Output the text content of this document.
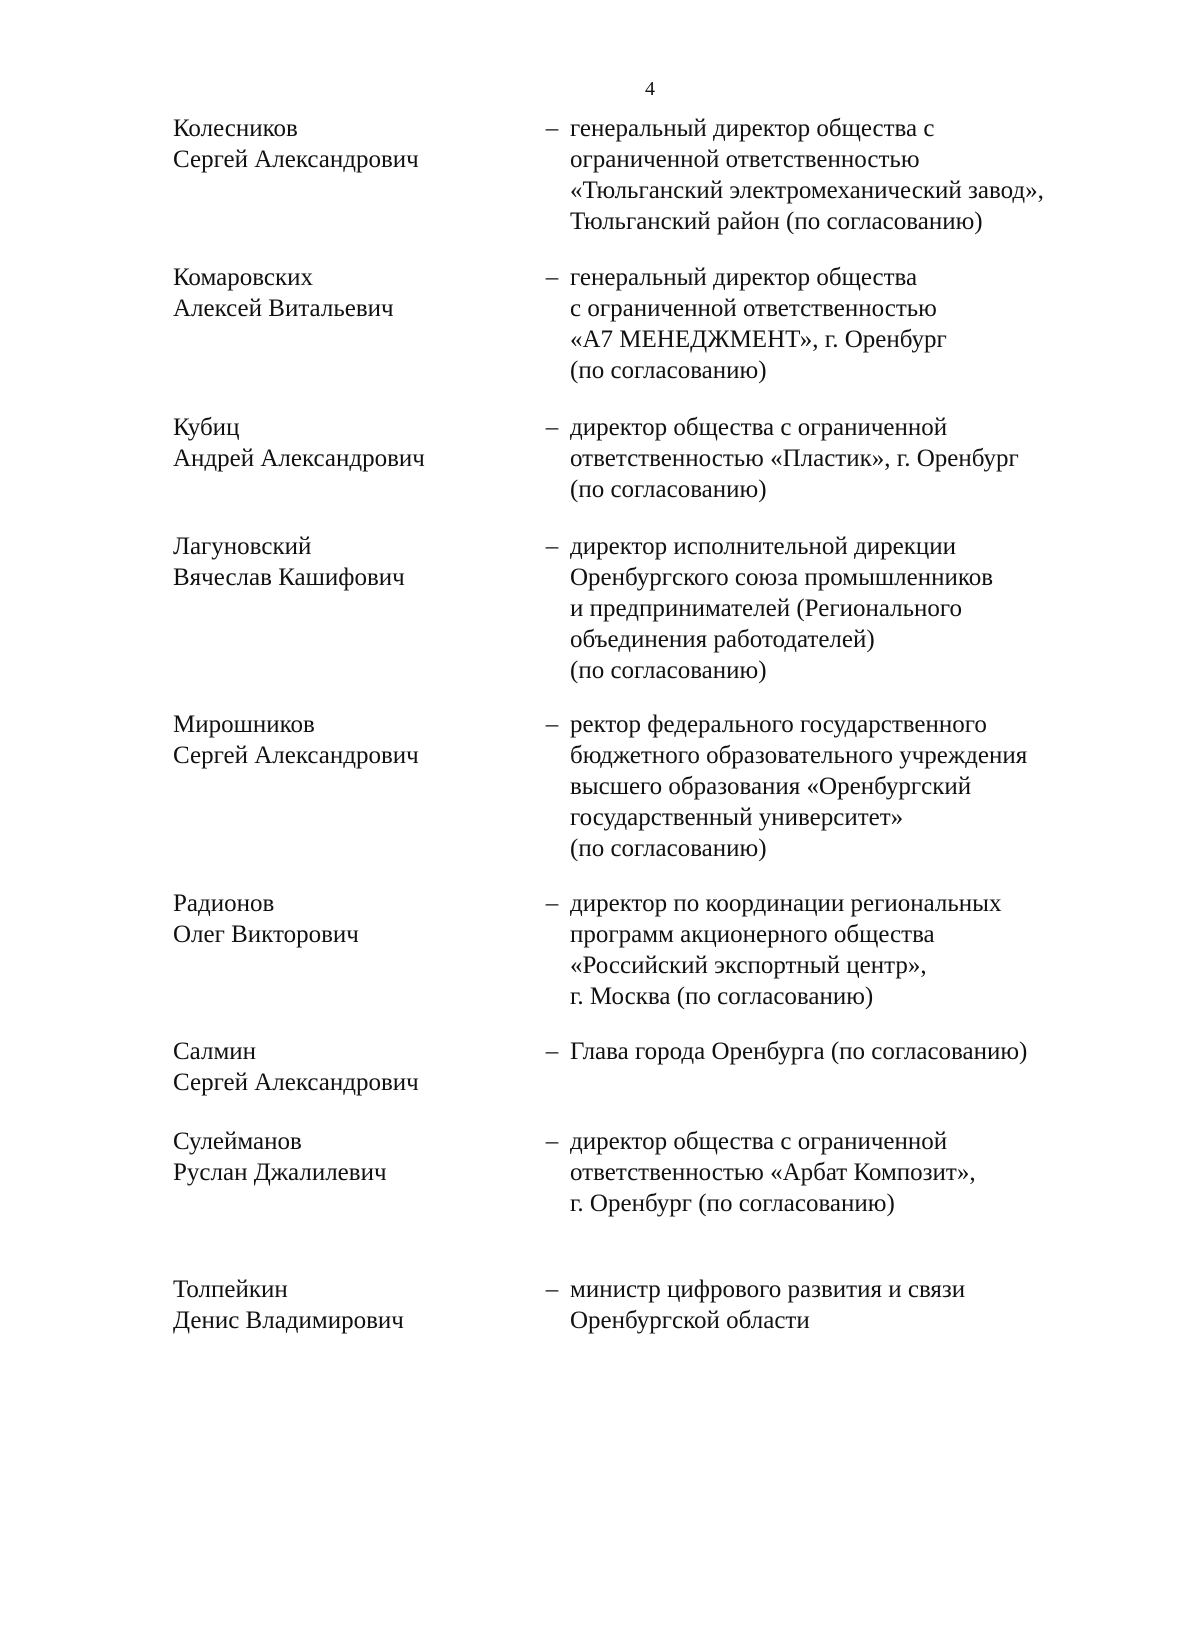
4
Колесников
Сергей Александрович
– генеральный директор общества с
ограниченной ответственностью
«Тюльганский электромеханический завод»,
Тюльганский район (по согласованию)
Комаровских
Алексей Витальевич
– генеральный директор общества
с ограниченной ответственностью
«А7 МЕНЕДЖМЕНТ», г. Оренбург
(по согласованию)
Кубиц
Андрей Александрович
– директор общества с ограниченной
ответственностью «Пластик», г. Оренбург
(по согласованию)
Лагуновский
Вячеслав Кашифович
– директор исполнительной дирекции
Оренбургского союза промышленников
и предпринимателей (Регионального
объединения работодателей)
(по согласованию)
Мирошников
Сергей Александрович
– ректор федерального государственного
бюджетного образовательного учреждения
высшего образования «Оренбургский
государственный университет»
(по согласованию)
Радионов
Олег Викторович
– директор по координации региональных
программ акционерного общества
«Российский экспортный центр»,
г. Москва (по согласованию)
Салмин
Сергей Александрович
– Глава города Оренбурга (по согласованию)
Сулейманов
Руслан Джалилевич
– директор общества с ограниченной
ответственностью «Арбат Композит»,
г. Оренбург (по согласованию)
Толпейкин
Денис Владимирович
– министр цифрового развития и связи
Оренбургской области
